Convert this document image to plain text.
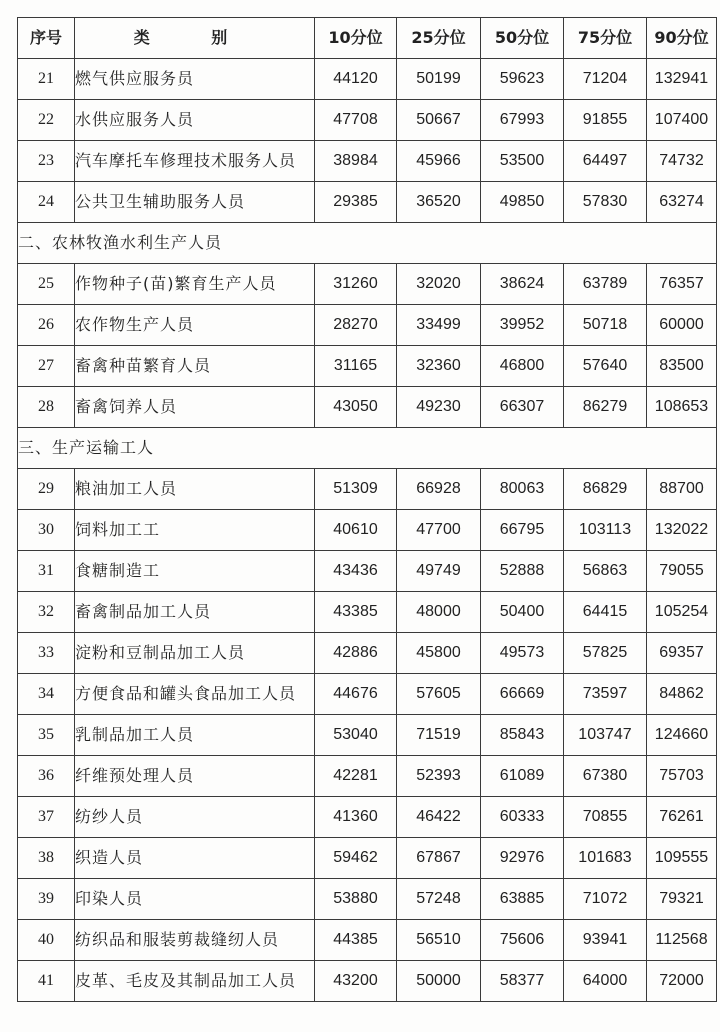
序号	类 别	10分位	25分位	50分位	75分位	90分位
21	燃气供应服务员	44120	50199	59623	71204	132941
22	水供应服务人员	47708	50667	67993	91855	107400
23	汽车摩托车修理技术服务人员	38984	45966	53500	64497	74732
24	公共卫生辅助服务人员	29385	36520	49850	57830	63274
二、农林牧渔水利生产人员						
25	作物种子(苗)繁育生产人员	31260	32020	38624	63789	76357
26	农作物生产人员	28270	33499	39952	50718	60000
27	畜禽种苗繁育人员	31165	32360	46800	57640	83500
28	畜禽饲养人员	43050	49230	66307	86279	108653
三、生产运输工人						
29	粮油加工人员	51309	66928	80063	86829	88700
30	饲料加工工	40610	47700	66795	103113	132022
31	食糖制造工	43436	49749	52888	56863	79055
32	畜禽制品加工人员	43385	48000	50400	64415	105254
33	淀粉和豆制品加工人员	42886	45800	49573	57825	69357
34	方便食品和罐头食品加工人员	44676	57605	66669	73597	84862
35	乳制品加工人员	53040	71519	85843	103747	124660
36	纤维预处理人员	42281	52393	61089	67380	75703
37	纺纱人员	41360	46422	60333	70855	76261
38	织造人员	59462	67867	92976	101683	109555
39	印染人员	53880	57248	63885	71072	79321
40	纺织品和服装剪裁缝纫人员	44385	56510	75606	93941	112568
41	皮革、毛皮及其制品加工人员	43200	50000	58377	64000	72000
